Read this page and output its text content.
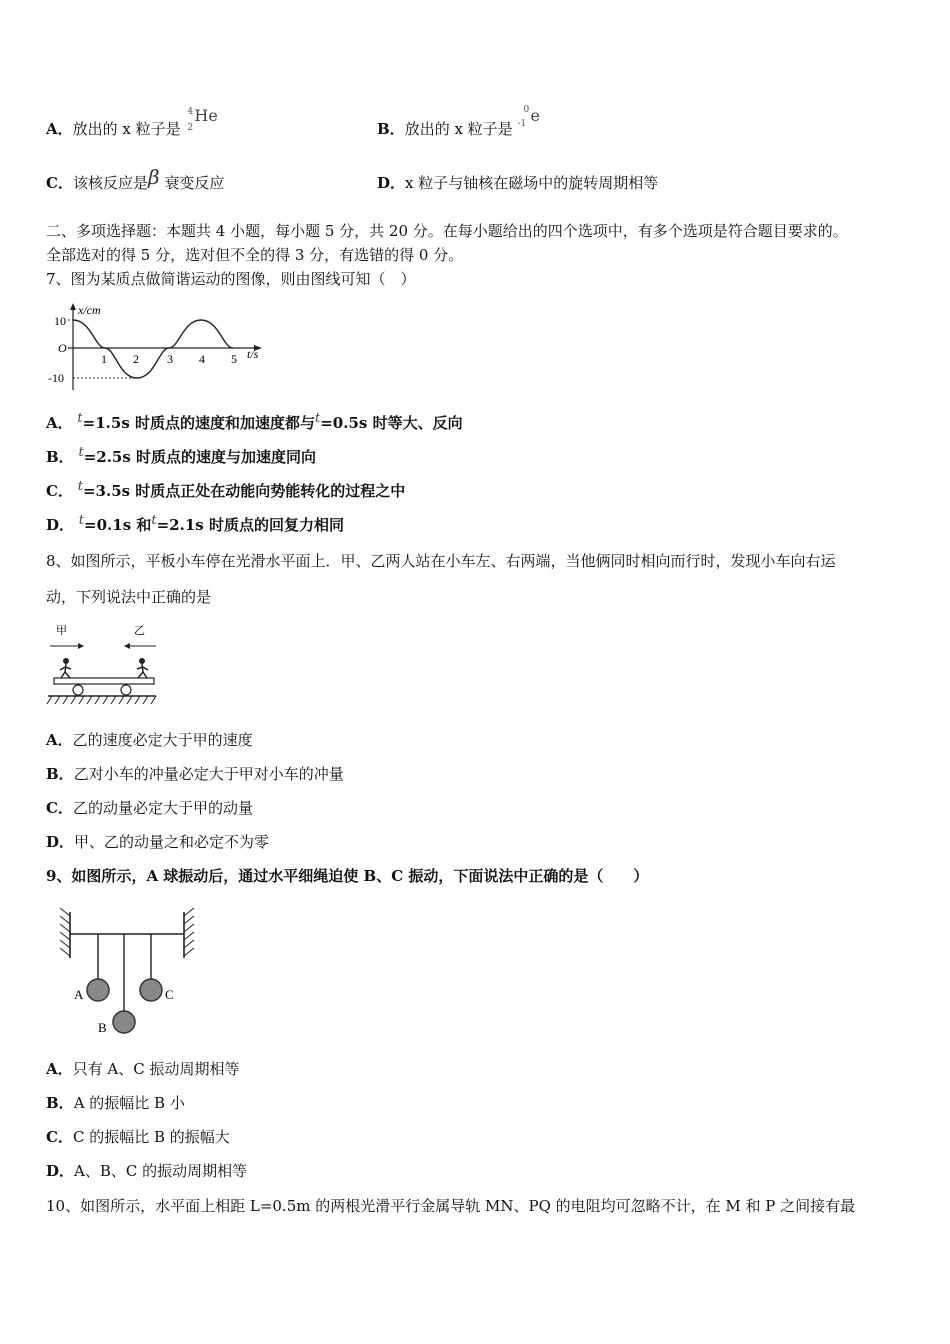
A．放出的 x 粒子是
4
2
He
B．放出的 x 粒子是
0
-1 e
C．该核反应是β 衰变反应	D．x 粒子与铀核在磁场中的旋转周期相等
二、多项选择题：本题共 4 小题，每小题 5 分，共 20 分。在每小题给出的四个选项中，有多个选项是符合题目要求的。
全部选对的得 5 分，选对但不全的得 3 分，有选错的得 0 分。
7、图为某质点做简谐运动的图像，则由图线可知（　）
x/cm
10
O
-10
1 2 3 4 5 t/s
A． t=1.5s 时质点的速度和加速度都与t=0.5s 时等大、反向
B． t=2.5s 时质点的速度与加速度同向
C． t=3.5s 时质点正处在动能向势能转化的过程之中
D． t=0.1s 和t=2.1s 时质点的回复力相同
8、如图所示，平板小车停在光滑水平面上．甲、乙两人站在小车左、右两端，当他俩同时相向而行时，发现小车向右运
动，下列说法中正确的是
甲	乙
A．乙的速度必定大于甲的速度
B．乙对小车的冲量必定大于甲对小车的冲量
C．乙的动量必定大于甲的动量
D．甲、乙的动量之和必定不为零
9、如图所示，A 球振动后，通过水平细绳迫使 B、C 振动，下面说法中正确的是（　　）
A
B
C
A．只有 A、C 振动周期相等
B．A 的振幅比 B 小
C．C 的振幅比 B 的振幅大
D．A、B、C 的振动周期相等
10、如图所示，水平面上相距 L=0.5m 的两根光滑平行金属导轨 MN、PQ 的电阻均可忽略不计，在 M 和 P 之间接有最
